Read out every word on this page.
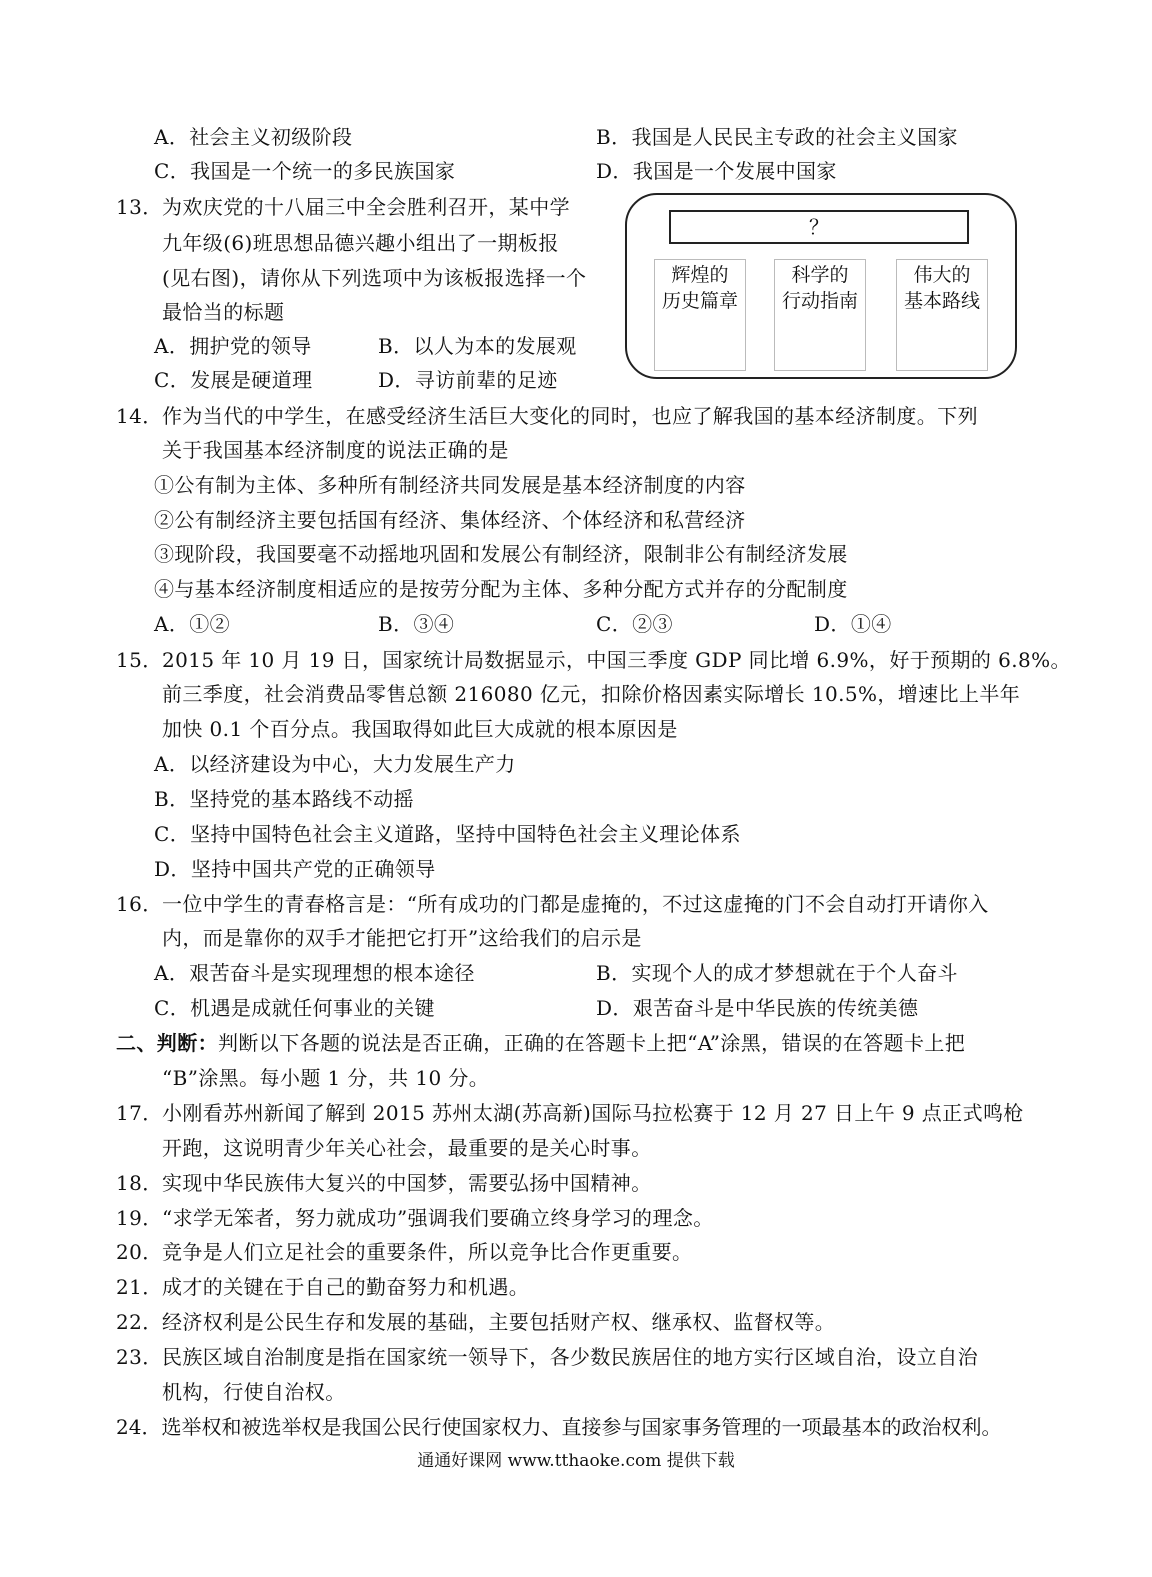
A．社会主义初级阶段	B．我国是人民民主专政的社会主义国家
C．我国是一个统一的多民族国家	D．我国是一个发展中国家
13．为欢庆党的十八届三中全会胜利召开，某中学
九年级(6)班思想品德兴趣小组出了一期板报
(见右图)，请你从下列选项中为该板报选择一个
最恰当的标题
A．拥护党的领导	B．以人为本的发展观
C．发展是硬道理	D．寻访前辈的足迹
？
辉煌的
历史篇章
科学的
行动指南
伟大的
基本路线
14．作为当代的中学生，在感受经济生活巨大变化的同时，也应了解我国的基本经济制度。下列
关于我国基本经济制度的说法正确的是
①公有制为主体、多种所有制经济共同发展是基本经济制度的内容
②公有制经济主要包括国有经济、集体经济、个体经济和私营经济
③现阶段，我国要毫不动摇地巩固和发展公有制经济，限制非公有制经济发展
④与基本经济制度相适应的是按劳分配为主体、多种分配方式并存的分配制度
A．①②	B．③④	C．②③	D．①④
15．2015 年 10 月 19 日，国家统计局数据显示，中国三季度 GDP 同比增 6.9%，好于预期的 6.8%。
前三季度，社会消费品零售总额 216080 亿元，扣除价格因素实际增长 10.5%，增速比上半年
加快 0.1 个百分点。我国取得如此巨大成就的根本原因是
A．以经济建设为中心，大力发展生产力
B．坚持党的基本路线不动摇
C．坚持中国特色社会主义道路，坚持中国特色社会主义理论体系
D．坚持中国共产党的正确领导
16．一位中学生的青春格言是：“所有成功的门都是虚掩的，不过这虚掩的门不会自动打开请你入
内，而是靠你的双手才能把它打开”这给我们的启示是
A．艰苦奋斗是实现理想的根本途径	B．实现个人的成才梦想就在于个人奋斗
C．机遇是成就任何事业的关键	D．艰苦奋斗是中华民族的传统美德
二、判断：判断以下各题的说法是否正确，正确的在答题卡上把“A”涂黑，错误的在答题卡上把
“B”涂黑。每小题 1 分，共 10 分。
17．小刚看苏州新闻了解到 2015 苏州太湖(苏高新)国际马拉松赛于 12 月 27 日上午 9 点正式鸣枪
开跑，这说明青少年关心社会，最重要的是关心时事。
18．实现中华民族伟大复兴的中国梦，需要弘扬中国精神。
19．“求学无笨者，努力就成功”强调我们要确立终身学习的理念。
20．竞争是人们立足社会的重要条件，所以竞争比合作更重要。
21．成才的关键在于自己的勤奋努力和机遇。
22．经济权利是公民生存和发展的基础，主要包括财产权、继承权、监督权等。
23．民族区域自治制度是指在国家统一领导下，各少数民族居住的地方实行区域自治，设立自治
机构，行使自治权。
24．选举权和被选举权是我国公民行使国家权力、直接参与国家事务管理的一项最基本的政治权利。
通通好课网 www.tthaoke.com 提供下载
